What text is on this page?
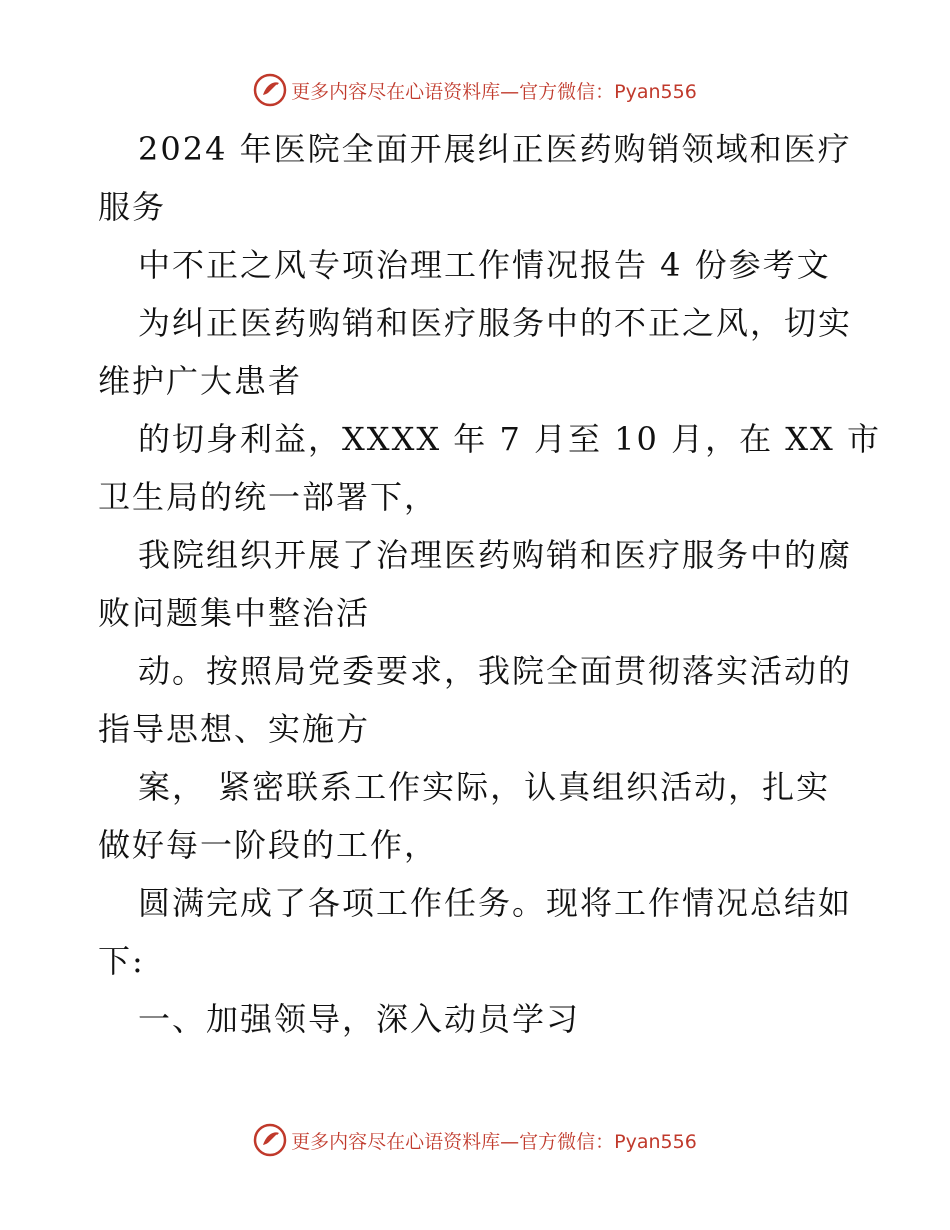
更多内容尽在心语资料库—官方微信：Pyan556
2024 年医院全面开展纠正医药购销领域和医疗
服务
中不正之风专项治理工作情况报告 4 份参考文
为纠正医药购销和医疗服务中的不正之风，切实
维护广大患者
的切身利益，XXXX 年 7 月至 10 月，在 XX 市
卫生局的统一部署下，
我院组织开展了治理医药购销和医疗服务中的腐
败问题集中整治活
动。按照局党委要求，我院全面贯彻落实活动的
指导思想、实施方
案， 紧密联系工作实际，认真组织活动，扎实
做好每一阶段的工作，
圆满完成了各项工作任务。现将工作情况总结如
下:
一、加强领导，深入动员学习
更多内容尽在心语资料库—官方微信：Pyan556
